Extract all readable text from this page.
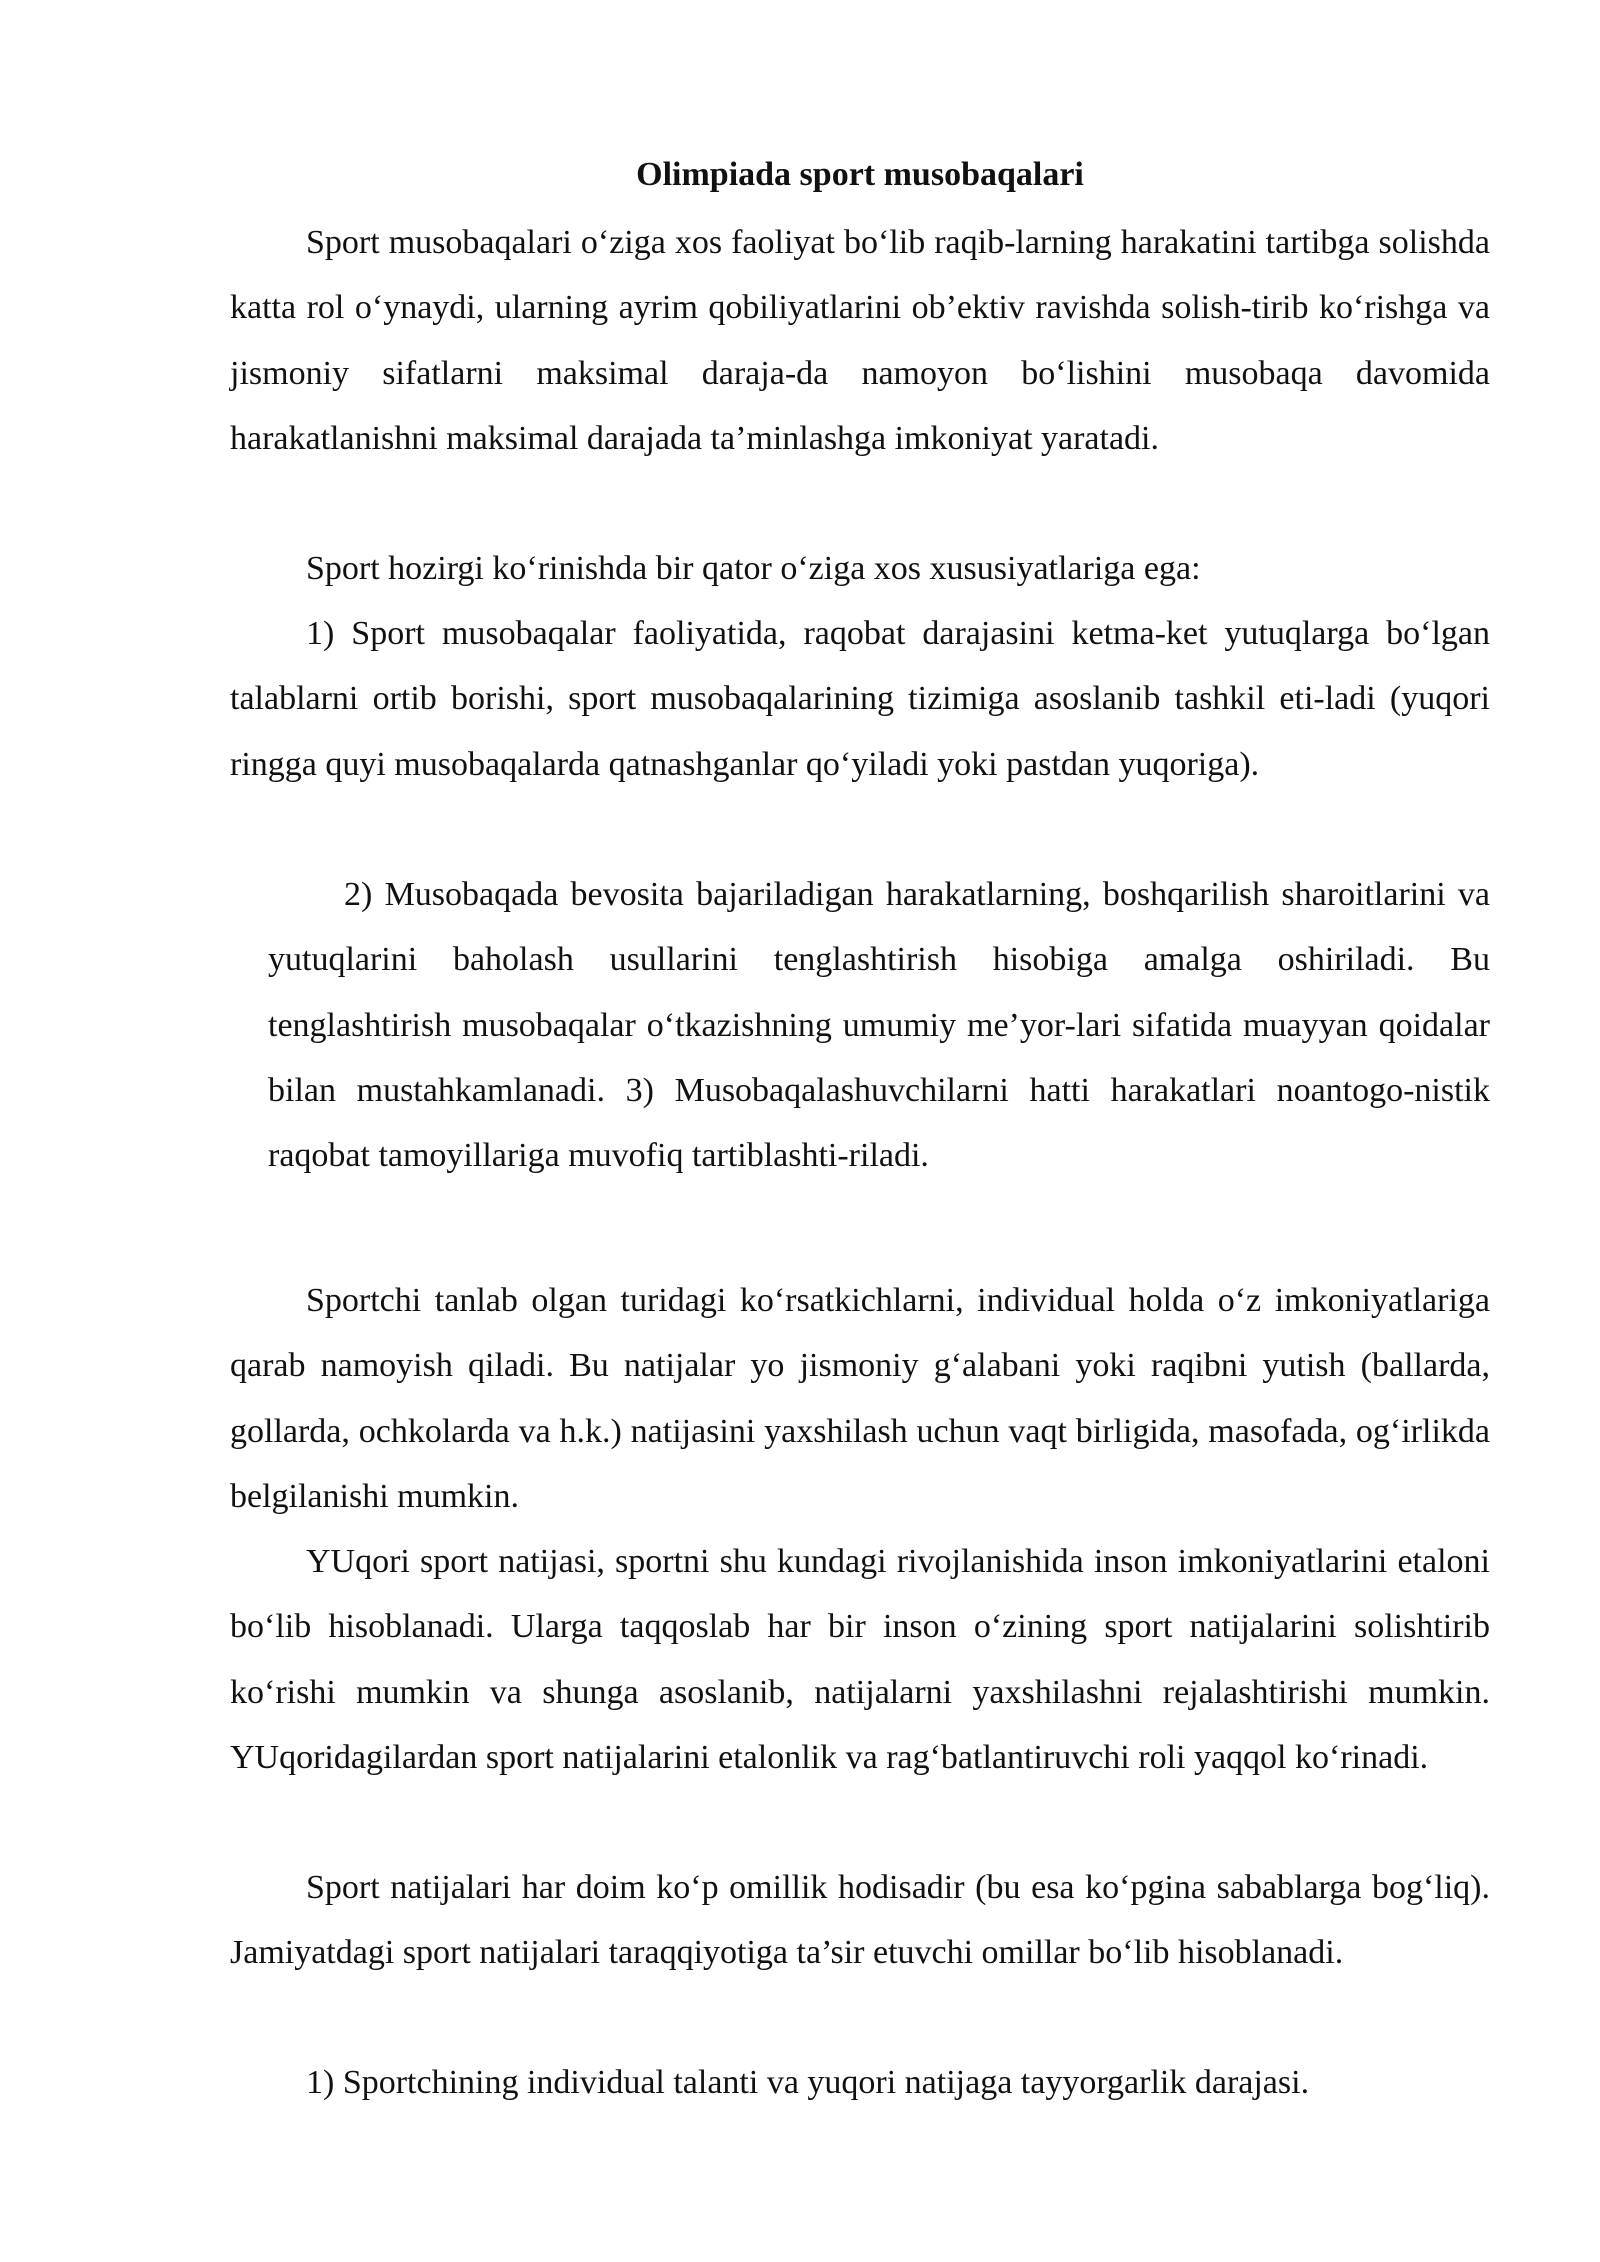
Olimpiada sport musobaqalari

Sport musobaqalari o‘ziga xos faoliyat bo‘lib raqib-larning harakatini tartibga solishda katta rol o‘ynaydi, ularning ayrim qobiliyatlarini ob’ektiv ravishda solish-tirib ko‘rishga va jismoniy sifatlarni maksimal daraja-da namoyon bo‘lishini musobaqa davomida harakatlanishni maksimal darajada ta’minlashga imkoniyat yaratadi.

Sport hozirgi ko‘rinishda bir qator o‘ziga xos xususiyatlariga ega:

1) Sport musobaqalar faoliyatida, raqobat darajasini ketma-ket yutuqlarga bo‘lgan talablarni ortib borishi, sport musobaqalarining tizimiga asoslanib tashkil eti-ladi (yuqori ringga quyi musobaqalarda qatnashganlar qo‘yiladi yoki pastdan yuqoriga).

2) Musobaqada bevosita bajariladigan harakatlarning, boshqarilish sharoitlarini va yutuqlarini baholash usullarini tenglashtirish hisobiga amalga oshiriladi. Bu tenglashtirish musobaqalar o‘tkazishning umumiy me’yor-lari sifatida muayyan qoidalar bilan mustahkamlanadi. 3) Musobaqalashuvchilarni hatti harakatlari noantogo-nistik raqobat tamoyillariga muvofiq tartiblashti-riladi.

Sportchi tanlab olgan turidagi ko‘rsatkichlarni, individual holda o‘z imkoniyatlariga qarab namoyish qiladi. Bu natijalar yo jismoniy g‘alabani yoki raqibni yutish (ballarda, gollarda, ochkolarda va h.k.) natijasini yaxshilash uchun vaqt birligida, masofada, og‘irlikda belgilanishi mumkin.

YUqori sport natijasi, sportni shu kundagi rivojlanishida inson imkoniyatlarini etaloni bo‘lib hisoblanadi. Ularga taqqoslab har bir inson o‘zining sport natijalarini solishtirib ko‘rishi mumkin va shunga asoslanib, natijalarni yaxshilashni rejalashtirishi mumkin. YUqoridagilardan sport natijalarini etalonlik va rag‘batlantiruvchi roli yaqqol ko‘rinadi.

Sport natijalari har doim ko‘p omillik hodisadir (bu esa ko‘pgina sabablarga bog‘liq). Jamiyatdagi sport natijalari taraqqiyotiga ta’sir etuvchi omillar bo‘lib hisoblanadi.

1) Sportchining individual talanti va yuqori natijaga tayyorgarlik darajasi.
